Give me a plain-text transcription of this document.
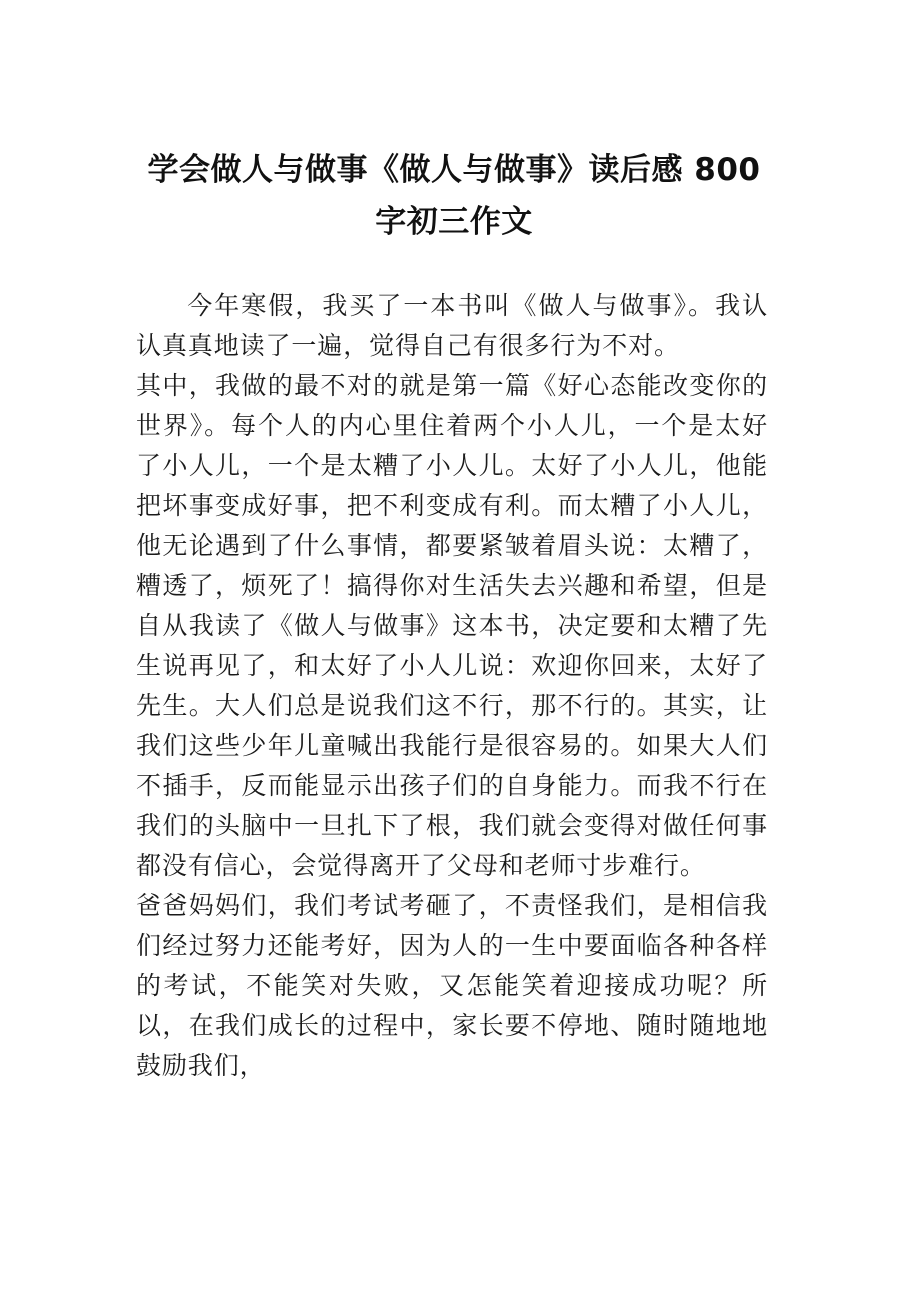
学会做人与做事《做人与做事》读后感 800
字初三作文

今年寒假，我买了一本书叫《做人与做事》。我认认真真地读了一遍，觉得自己有很多行为不对。

其中，我做的最不对的就是第一篇《好心态能改变你的世界》。每个人的内心里住着两个小人儿，一个是太好了小人儿，一个是太糟了小人儿。太好了小人儿，他能把坏事变成好事，把不利变成有利。而太糟了小人儿，他无论遇到了什么事情，都要紧皱着眉头说：太糟了，糟透了，烦死了！搞得你对生活失去兴趣和希望，但是自从我读了《做人与做事》这本书，决定要和太糟了先生说再见了，和太好了小人儿说：欢迎你回来，太好了先生。大人们总是说我们这不行，那不行的。其实，让我们这些少年儿童喊出我能行是很容易的。如果大人们不插手，反而能显示出孩子们的自身能力。而我不行在我们的头脑中一旦扎下了根，我们就会变得对做任何事都没有信心，会觉得离开了父母和老师寸步难行。

爸爸妈妈们，我们考试考砸了，不责怪我们，是相信我们经过努力还能考好，因为人的一生中要面临各种各样的考试，不能笑对失败，又怎能笑着迎接成功呢？所以，在我们成长的过程中，家长要不停地、随时随地地鼓励我们，
